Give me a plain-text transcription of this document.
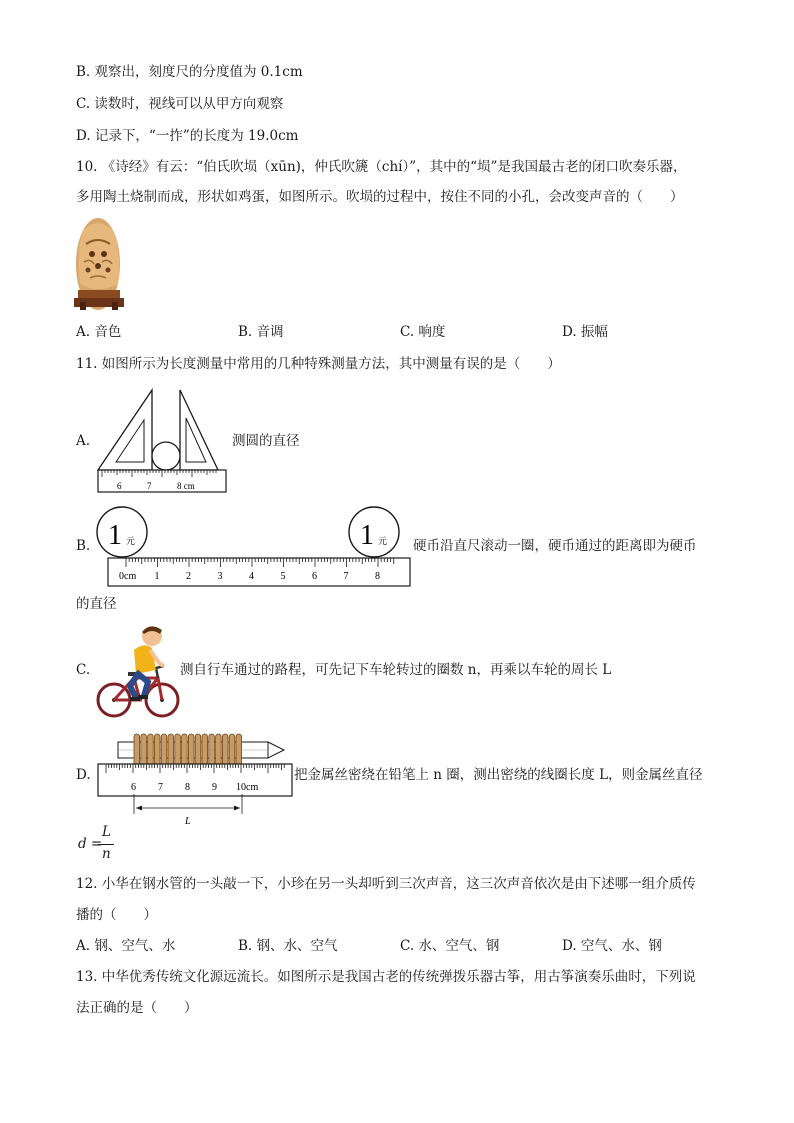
B. 观察出，刻度尺的分度值为 0.1cm
C. 读数时，视线可以从甲方向观察
D. 记录下，“一拃”的长度为 19.0cm
10. 《诗经》有云：“伯氏吹埙（xūn)，仲氏吹篪（chí）”，其中的“埙”是我国最古老的闭口吹奏乐器，
多用陶土烧制而成，形状如鸡蛋，如图所示。吹埙的过程中，按住不同的小孔，会改变声音的（　　）
A. 音色	B. 音调	C. 响度	D. 振幅
11. 如图所示为长度测量中常用的几种特殊测量方法，其中测量有误的是（　　）
A.
6	7	8 cm
测圆的直径
B. 1 元	1 元
0cm 1	2	3	4	5	6	7	8
硬币沿直尺滚动一圈，硬币通过的距离即为硬币
的直径
C.	测自行车通过的路程，可先记下车轮转过的圈数 n，再乘以车轮的周长 L
D.
6 7 8 9 10cm
L
把金属丝密绕在铅笔上 n 圈，测出密绕的线圈长度 L，则金属丝直径
d =
L
n
12. 小华在钢水管的一头敲一下，小珍在另一头却听到三次声音，这三次声音依次是由下述哪一组介质传
播的（　　）
A. 钢、空气、水	B. 钢、水、空气	C. 水、空气、钢	D. 空气、水、钢
13. 中华优秀传统文化源远流长。如图所示是我国古老的传统弹拨乐器古筝，用古筝演奏乐曲时，下列说
法正确的是（　　）
